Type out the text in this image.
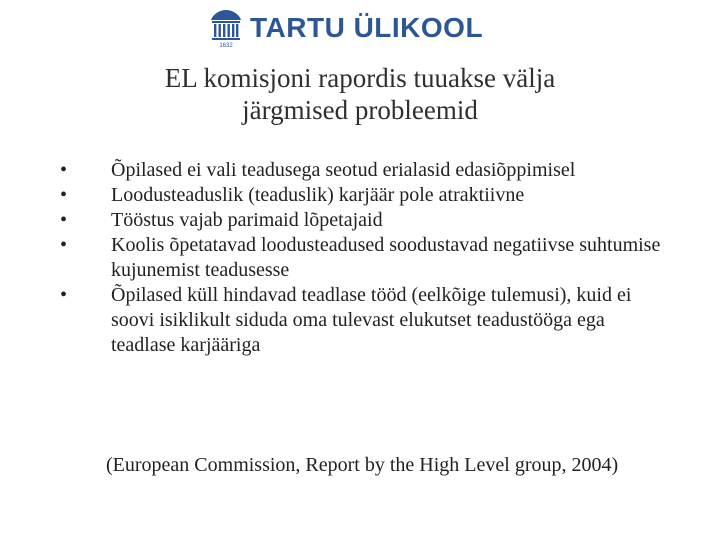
1632
TARTU ÜLIKOOL
EL komisjoni rapordis tuuakse välja
järgmised probleemid
• Õpilased ei vali teadusega seotud erialasid edasiõppimisel
• Loodusteaduslik (teaduslik) karjäär pole atraktiivne
• Tööstus vajab parimaid lõpetajaid
• Koolis õpetatavad loodusteadused soodustavad negatiivse suhtumise kujunemist teadusesse
• Õpilased küll hindavad teadlase tööd (eelkõige tulemusi), kuid ei soovi isiklikult siduda oma tulevast elukutset teadustööga ega teadlase karjääriga
(European Commission, Report by the High Level group, 2004)
